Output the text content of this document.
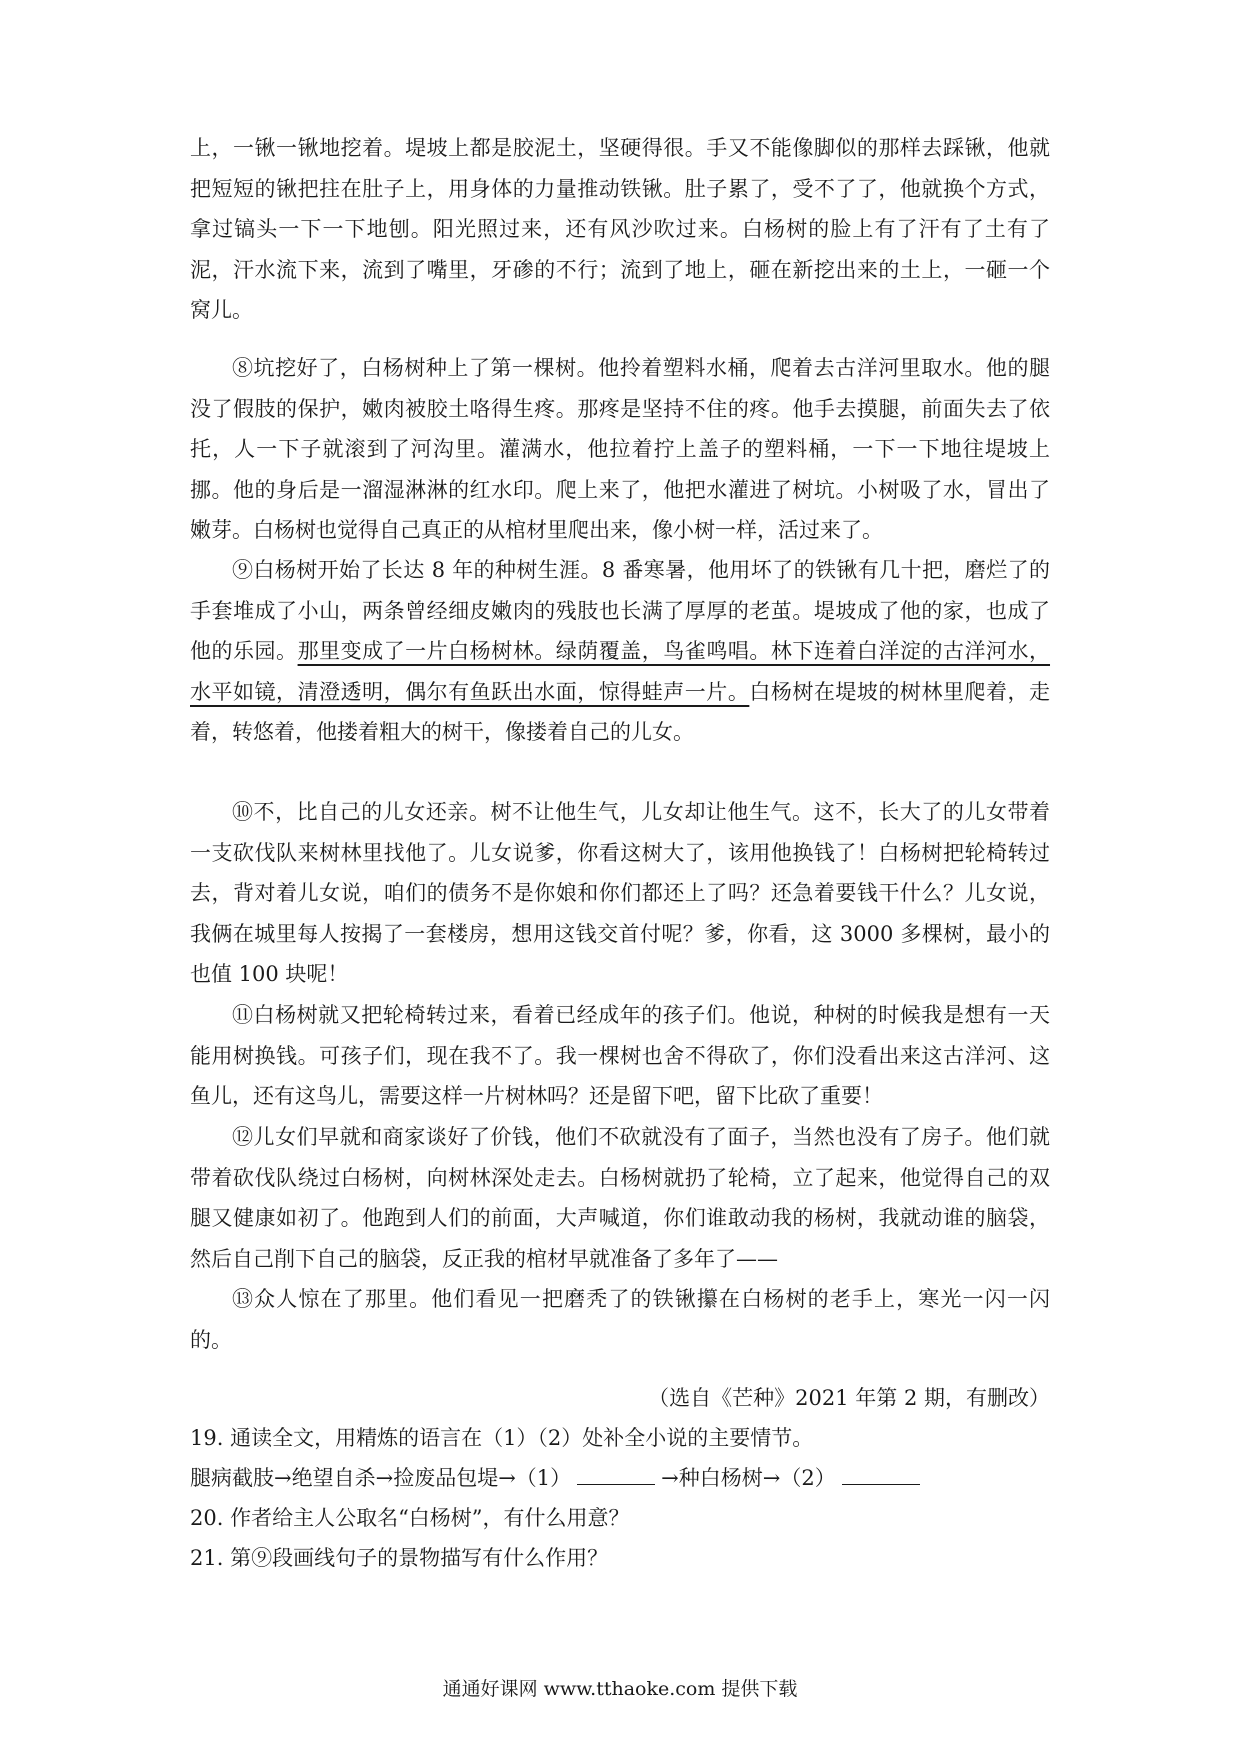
上，一锹一锹地挖着。堤坡上都是胶泥土，坚硬得很。手又不能像脚似的那样去踩锹，他就把短短的锹把拄在肚子上，用身体的力量推动铁锹。肚子累了，受不了了，他就换个方式，拿过镐头一下一下地刨。阳光照过来，还有风沙吹过来。白杨树的脸上有了汗有了土有了泥，汗水流下来，流到了嘴里，牙碜的不行；流到了地上，砸在新挖出来的土上，一砸一个窝儿。

⑧坑挖好了，白杨树种上了第一棵树。他拎着塑料水桶，爬着去古洋河里取水。他的腿没了假肢的保护，嫩肉被胶土咯得生疼。那疼是坚持不住的疼。他手去摸腿，前面失去了依托，人一下子就滚到了河沟里。灌满水，他拉着拧上盖子的塑料桶，一下一下地往堤坡上挪。他的身后是一溜湿淋淋的红水印。爬上来了，他把水灌进了树坑。小树吸了水，冒出了嫩芽。白杨树也觉得自己真正的从棺材里爬出来，像小树一样，活过来了。

⑨白杨树开始了长达 8 年的种树生涯。8 番寒暑，他用坏了的铁锹有几十把，磨烂了的手套堆成了小山，两条曾经细皮嫩肉的残肢也长满了厚厚的老茧。堤坡成了他的家，也成了他的乐园。那里变成了一片白杨树林。绿荫覆盖，鸟雀鸣唱。林下连着白洋淀的古洋河水，水平如镜，清澄透明，偶尔有鱼跃出水面，惊得蛙声一片。白杨树在堤坡的树林里爬着，走着，转悠着，他搂着粗大的树干，像搂着自己的儿女。

⑩不，比自己的儿女还亲。树不让他生气，儿女却让他生气。这不，长大了的儿女带着一支砍伐队来树林里找他了。儿女说爹，你看这树大了，该用他换钱了！白杨树把轮椅转过去，背对着儿女说，咱们的债务不是你娘和你们都还上了吗？还急着要钱干什么？儿女说，我俩在城里每人按揭了一套楼房，想用这钱交首付呢？爹，你看，这 3000 多棵树，最小的也值 100 块呢！

⑪白杨树就又把轮椅转过来，看着已经成年的孩子们。他说，种树的时候我是想有一天能用树换钱。可孩子们，现在我不了。我一棵树也舍不得砍了，你们没看出来这古洋河、这鱼儿，还有这鸟儿，需要这样一片树林吗？还是留下吧，留下比砍了重要！

⑫儿女们早就和商家谈好了价钱，他们不砍就没有了面子，当然也没有了房子。他们就带着砍伐队绕过白杨树，向树林深处走去。白杨树就扔了轮椅，立了起来，他觉得自己的双腿又健康如初了。他跑到人们的前面，大声喊道，你们谁敢动我的杨树，我就动谁的脑袋，然后自己削下自己的脑袋，反正我的棺材早就准备了多年了——

⑬众人惊在了那里。他们看见一把磨秃了的铁锹攥在白杨树的老手上，寒光一闪一闪的。

（选自《芒种》2021 年第 2 期，有删改）

19. 通读全文，用精炼的语言在（1）（2）处补全小说的主要情节。

腿病截肢→绝望自杀→捡废品包堤→（1）	→种白杨树→（2）

20. 作者给主人公取名“白杨树”，有什么用意？

21. 第⑨段画线句子的景物描写有什么作用？

通通好课网 www.tthaoke.com 提供下载
